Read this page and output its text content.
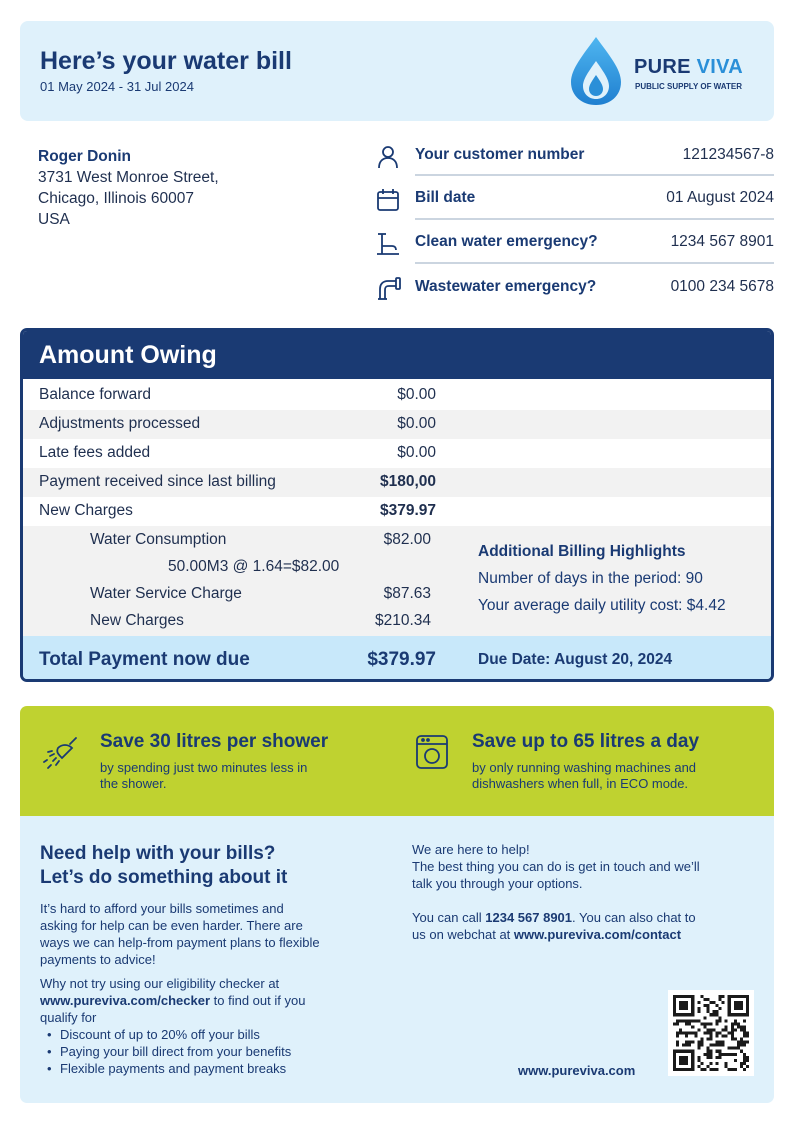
Here’s your water bill
01 May 2024 - 31 Jul 2024
PURE VIVA
PUBLIC SUPPLY OF WATER
Roger Donin
3731 West Monroe Street,
Chicago, Illinois 60007
USA
Your customer number	121234567-8
Bill date	01 August 2024
Clean water emergency?	1234 567 8901
Wastewater emergency?	0100 234 5678
Amount Owing
Balance forward	$0.00
Adjustments processed	$0.00
Late fees added	$0.00
Payment received since last billing	$180,00
New Charges	$379.97
Water Consumption	$82.00
50.00M3 @ 1.64=$82.00
Water Service Charge	$87.63
New Charges	$210.34
Additional Billing Highlights
Number of days in the period: 90
Your average daily utility cost: $4.42
Total Payment now due	$379.97	Due Date: August 20, 2024
Save 30 litres per shower
by spending just two minutes less in
the shower.
Save up to 65 litres a day
by only running washing machines and
dishwashers when full, in ECO mode.
Need help with your bills?
Let’s do something about it
It’s hard to afford your bills sometimes and
asking for help can be even harder. There are
ways we can help-from payment plans to flexible
payments to advice!
Why not try using our eligibility checker at
www.pureviva.com/checker to find out if you
qualify for
• Discount of up to 20% off your bills
• Paying your bill direct from your benefits
• Flexible payments and payment breaks
We are here to help!
The best thing you can do is get in touch and we’ll
talk you through your options.
You can call 1234 567 8901. You can also chat to
us on webchat at www.pureviva.com/contact
www.pureviva.com
